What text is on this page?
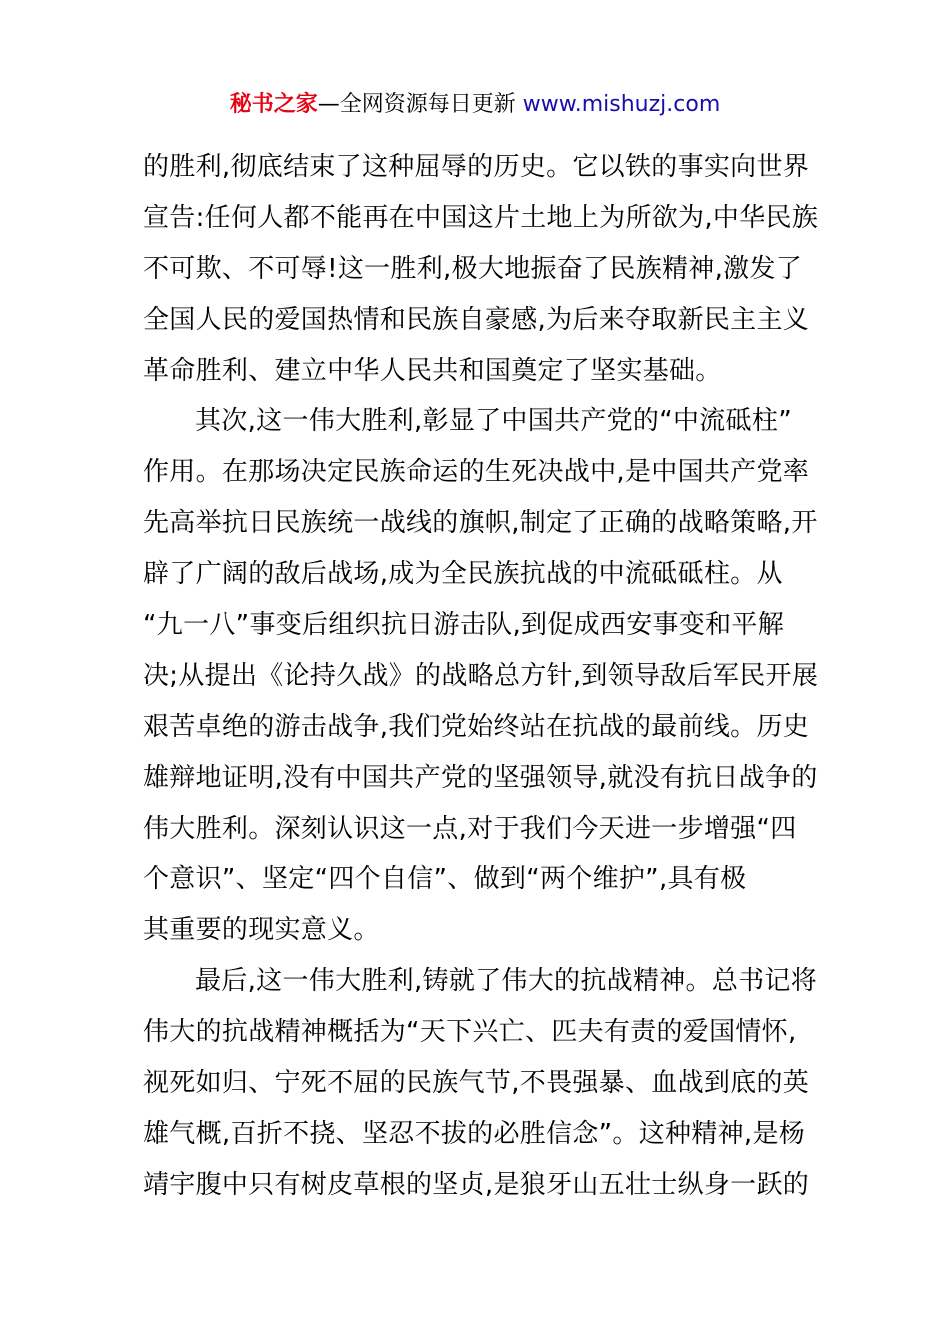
秘书之家—全网资源每日更新 www.mishuzj.com
的胜利,彻底结束了这种屈辱的历史。它以铁的事实向世界
宣告:任何人都不能再在中国这片土地上为所欲为,中华民族
不可欺、不可辱!这一胜利,极大地振奋了民族精神,激发了
全国人民的爱国热情和民族自豪感,为后来夺取新民主主义
革命胜利、建立中华人民共和国奠定了坚实基础。
其次,这一伟大胜利,彰显了中国共产党的“中流砥柱”
作用。在那场决定民族命运的生死决战中,是中国共产党率
先高举抗日民族统一战线的旗帜,制定了正确的战略策略,开
辟了广阔的敌后战场,成为全民族抗战的中流砥砥柱。从
“九一八”事变后组织抗日游击队,到促成西安事变和平解
决;从提出《论持久战》的战略总方针,到领导敌后军民开展
艰苦卓绝的游击战争,我们党始终站在抗战的最前线。历史
雄辩地证明,没有中国共产党的坚强领导,就没有抗日战争的
伟大胜利。深刻认识这一点,对于我们今天进一步增强“四
个意识”、坚定“四个自信”、做到“两个维护”,具有极
其重要的现实意义。
最后,这一伟大胜利,铸就了伟大的抗战精神。总书记将
伟大的抗战精神概括为“天下兴亡、匹夫有责的爱国情怀,
视死如归、宁死不屈的民族气节,不畏强暴、血战到底的英
雄气概,百折不挠、坚忍不拔的必胜信念”。这种精神,是杨
靖宇腹中只有树皮草根的坚贞,是狼牙山五壮士纵身一跃的
